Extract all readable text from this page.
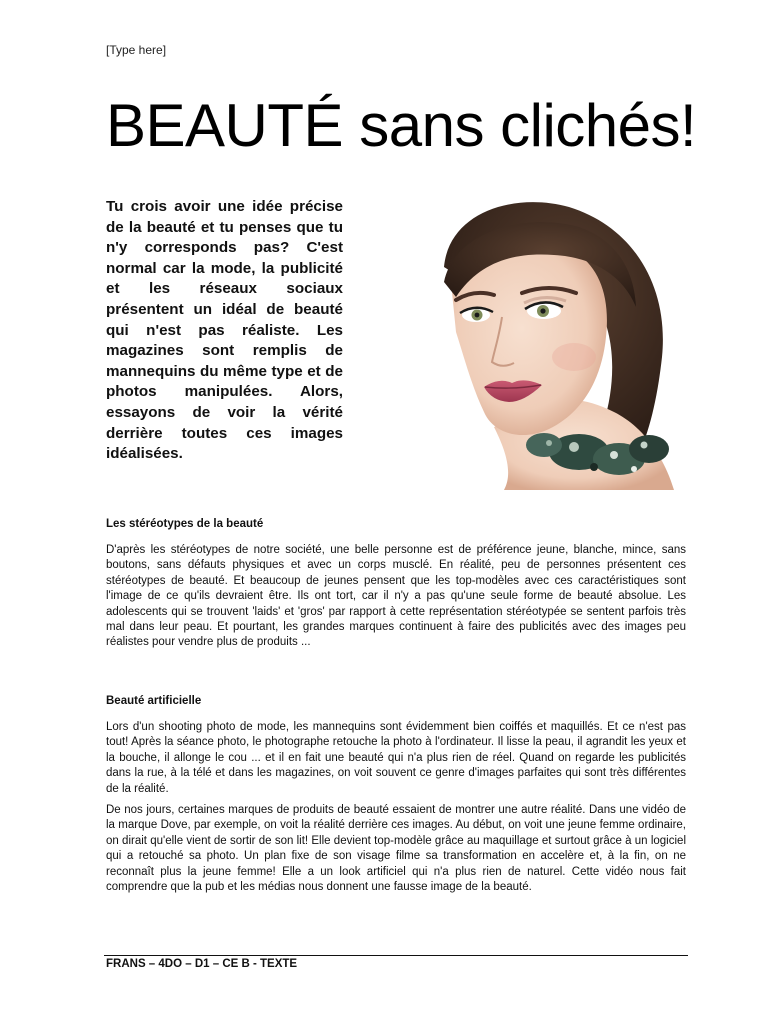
[Type here]
BEAUTÉ sans clichés!

Tu crois avoir une idée précise de la beauté et tu penses que tu n'y corresponds pas? C'est normal car la mode, la publicité et les réseaux sociaux présentent un idéal de beauté qui n'est pas réaliste. Les magazines sont remplis de mannequins du même type et de photos manipulées. Alors, essayons de voir la vérité derrière toutes ces images idéalisées.

Les stéréotypes de la beauté

D'après les stéréotypes de notre société, une belle personne est de préférence jeune, blanche, mince, sans boutons, sans défauts physiques et avec un corps musclé. En réalité, peu de personnes présentent ces stéréotypes de beauté. Et beaucoup de jeunes pensent que les top-modèles avec ces caractéristiques sont l'image de ce qu'ils devraient être. Ils ont tort, car il n'y a pas qu'une seule forme de beauté absolue. Les adolescents qui se trouvent 'laids' et 'gros' par rapport à cette représentation stéréotypée se sentent parfois très mal dans leur peau. Et pourtant, les grandes marques continuent à faire des publicités avec des images peu réalistes pour vendre plus de produits ...

Beauté artificielle

Lors d'un shooting photo de mode, les mannequins sont évidemment bien coiffés et maquillés. Et ce n'est pas tout! Après la séance photo, le photographe retouche la photo à l'ordinateur. Il lisse la peau, il agrandit les yeux et la bouche, il allonge le cou ... et il en fait une beauté qui n'a plus rien de réel. Quand on regarde les publicités dans la rue, à la télé et dans les magazines, on voit souvent ce genre d'images parfaites qui sont très différentes de la réalité.

De nos jours, certaines marques de produits de beauté essaient de montrer une autre réalité. Dans une vidéo de la marque Dove, par exemple, on voit la réalité derrière ces images. Au début, on voit une jeune femme ordinaire, on dirait qu'elle vient de sortir de son lit! Elle devient top-modèle grâce au maquillage et surtout grâce à un logiciel qui a retouché sa photo. Un plan fixe de son visage filme sa transformation en accelère et, à la fin, on ne reconnaît plus la jeune femme! Elle a un look artificiel qui n'a plus rien de naturel. Cette vidéo nous fait comprendre que la pub et les médias nous donnent une fausse image de la beauté.

FRANS – 4DO – D1 – CE B - TEXTE
